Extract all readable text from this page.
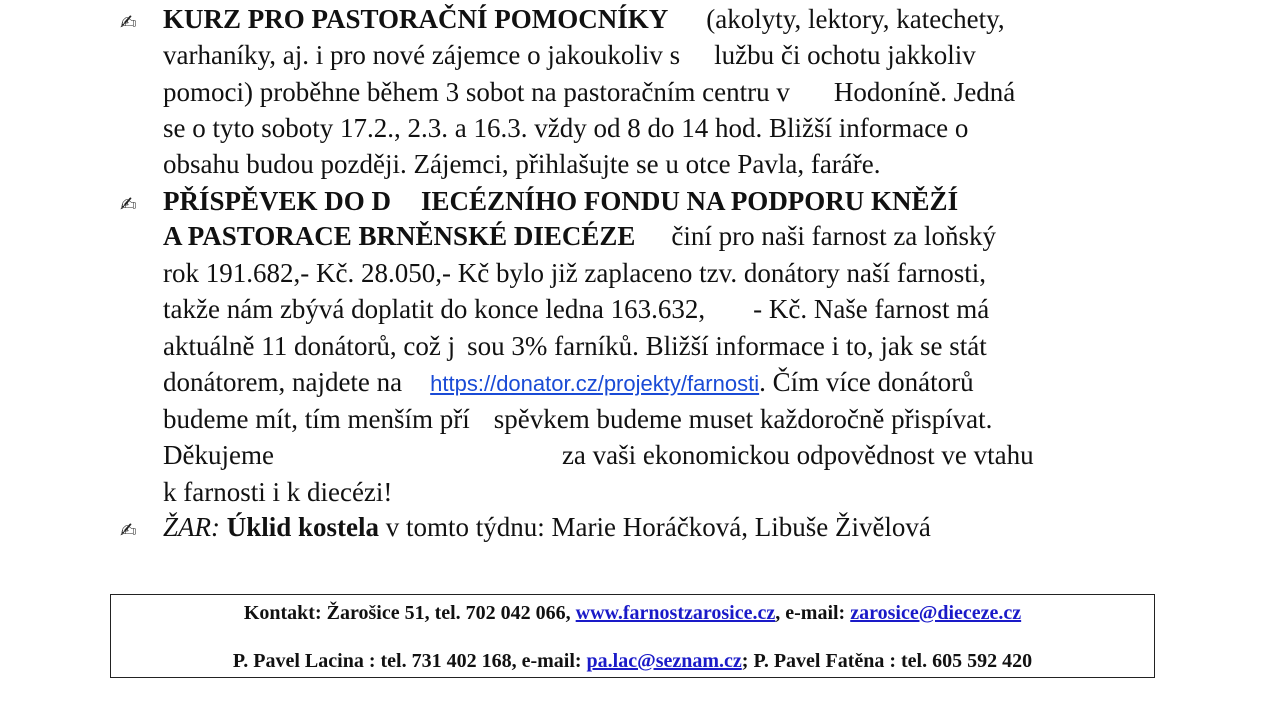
✍ KURZ PRO PASTORAČNÍ POMOCNÍKY (akolyty, lektory, katechety,
varhaníky, aj. i pro nové zájemce o jakoukoliv s lužbu či ochotu jakkoliv
pomoci) proběhne během 3 sobot na pastoračním centru v Hodoníně. Jedná
se o tyto soboty 17.2., 2.3. a 16.3. vždy od 8 do 14 hod. Bližší informace o
obsahu budou později. Zájemci, přihlašujte se u otce Pavla, faráře.
✍ PŘÍSPĚVEK DO D IECÉZNÍHO FONDU NA PODPORU KNĚŽÍ
A PASTORACE BRNĚNSKÉ DIECÉZE činí pro naši farnost za loňský
rok 191.682,- Kč. 28.050,- Kč bylo již zaplaceno tzv. donátory naší farnosti,
takže nám zbývá doplatit do konce ledna 163.632, - Kč. Naše farnost má
aktuálně 11 donátorů, což j sou 3% farníků. Bližší informace i to, jak se stát
donátorem, najdete na https://donator.cz/projekty/farnosti. Čím více donátorů
budeme mít, tím menším pří spěvkem budeme muset každoročně přispívat.
Děkujeme	za vaši ekonomickou odpovědnost ve vtahu
k farnosti i k diecézi!
✍ ŽAR: Úklid kostela v tomto týdnu: Marie Horáčková, Libuše Živělová
Kontakt: Žarošice 51, tel. 702 042 066, www.farnostzarosice.cz, e-mail: zarosice@dieceze.cz
P. Pavel Lacina : tel. 731 402 168, e-mail: pa.lac@seznam.cz; P. Pavel Fatěna : tel. 605 592 420
